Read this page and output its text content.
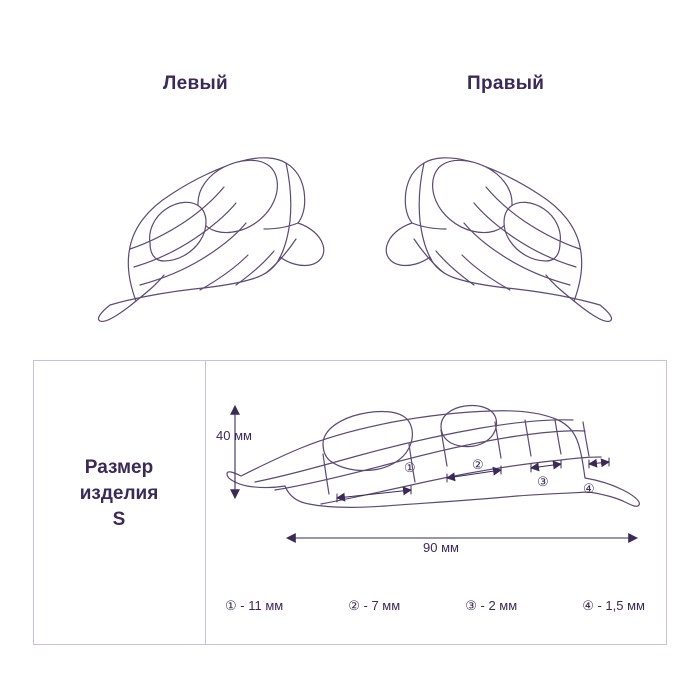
Левый	Правый
Размер
изделия
S
40 мм
90 мм
①	②
③	④
① - 11 мм	② - 7 мм	③ - 2 мм	④ - 1,5 мм
